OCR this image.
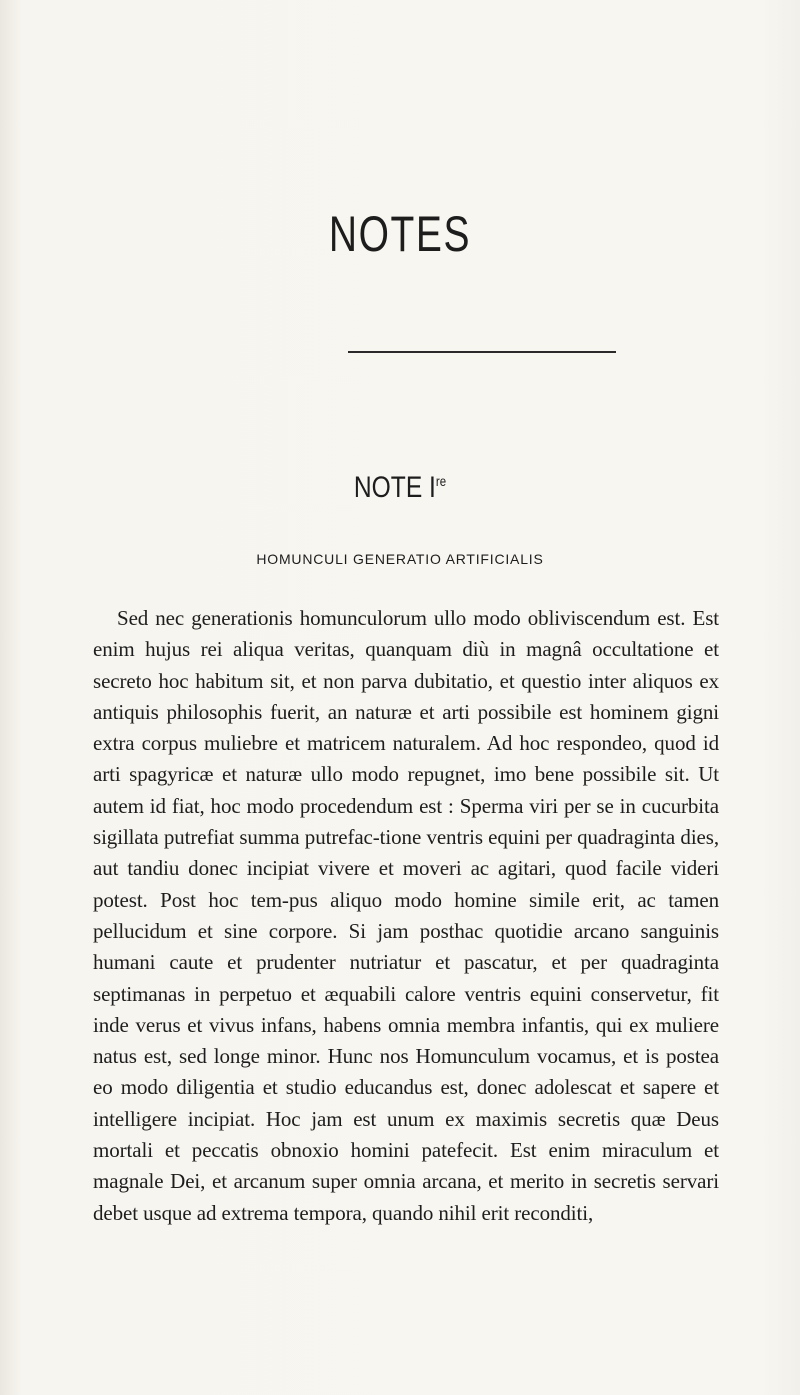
NOTES
NOTE Ire
HOMUNCULI GENERATIO ARTIFICIALIS

Sed nec generationis homunculorum ullo modo obliviscendum est. Est enim hujus rei aliqua veritas, quanquam diù in magnâ occultatione et secreto hoc habitum sit, et non parva dubitatio, et questio inter aliquos ex antiquis philosophis fuerit, an naturæ et arti possibile est hominem gigni extra corpus muliebre et matricem naturalem. Ad hoc respondeo, quod id arti spagyricæ et naturæ ullo modo repugnet, imo bene possibile sit. Ut autem id fiat, hoc modo procedendum est : Sperma viri per se in cucurbita sigillata putrefiat summa putrefac-tione ventris equini per quadraginta dies, aut tandiu donec incipiat vivere et moveri ac agitari, quod facile videri potest. Post hoc tem-pus aliquo modo homine simile erit, ac tamen pellucidum et sine corpore. Si jam posthac quotidie arcano sanguinis humani caute et prudenter nutriatur et pascatur, et per quadraginta septimanas in perpetuo et æquabili calore ventris equini conservetur, fit inde verus et vivus infans, habens omnia membra infantis, qui ex muliere natus est, sed longe minor. Hunc nos Homunculum vocamus, et is postea eo modo diligentia et studio educandus est, donec adolescat et sapere et intelligere incipiat. Hoc jam est unum ex maximis secretis quæ Deus mortali et peccatis obnoxio homini patefecit. Est enim miraculum et magnale Dei, et arcanum super omnia arcana, et merito in secretis servari debet usque ad extrema tempora, quando nihil erit reconditi,
